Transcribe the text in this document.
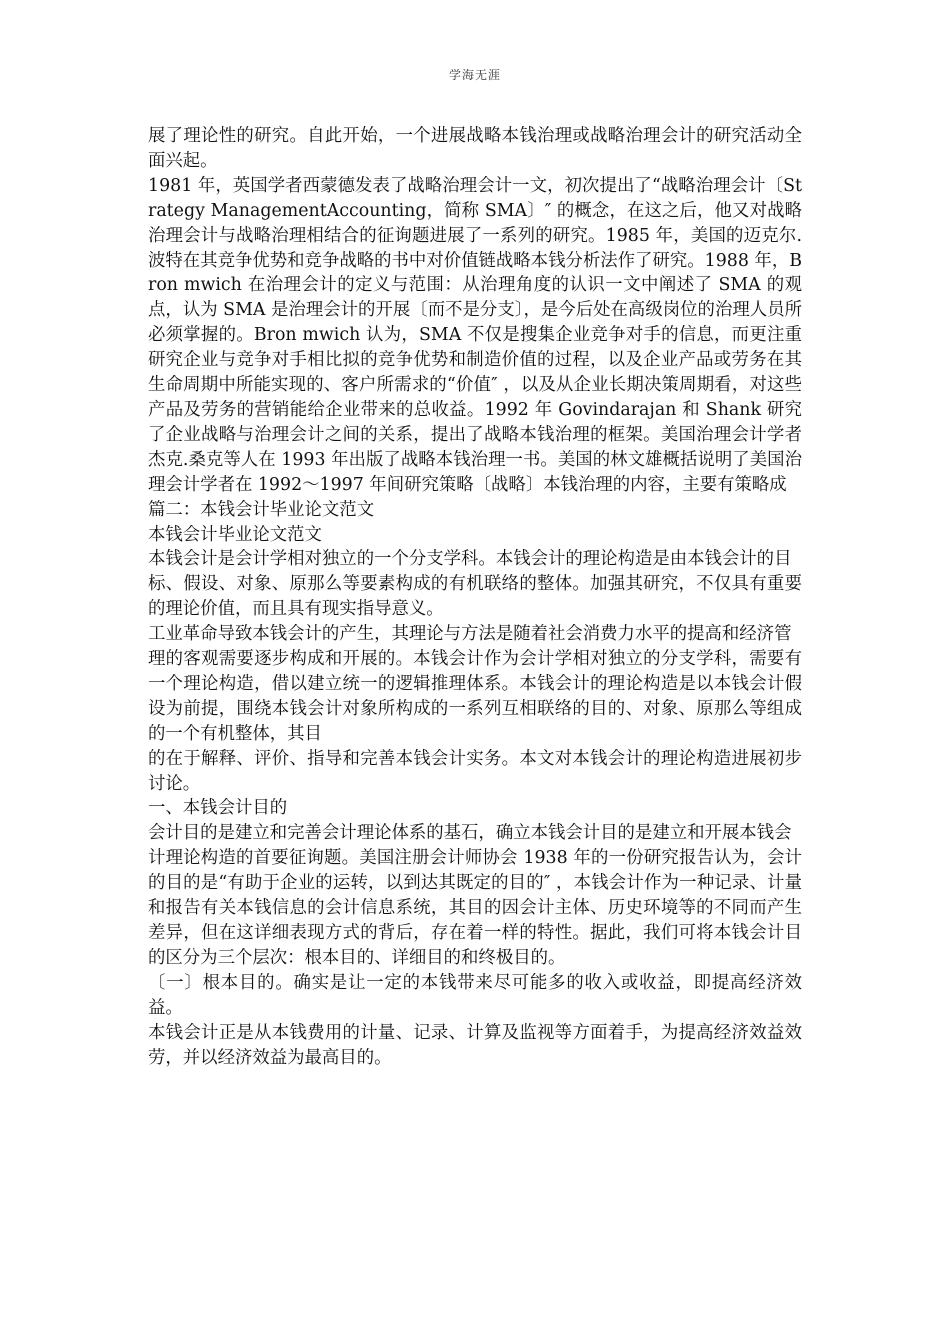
学海无涯

展了理论性的研究。自此开始，一个进展战略本钱治理或战略治理会计的研究活动全面兴起。

1981 年，英国学者西蒙德发表了战略治理会计一文，初次提出了“战略治理会计〔Strategy ManagementAccounting，简称 SMA〕″ 的概念，在这之后，他又对战略治理会计与战略治理相结合的征询题进展了一系列的研究。1985 年，美国的迈克尔.波特在其竞争优势和竞争战略的书中对价值链战略本钱分析法作了研究。1988 年，Bron mwich 在治理会计的定义与范围：从治理角度的认识一文中阐述了 SMA 的观点，认为 SMA 是治理会计的开展〔而不是分支〕，是今后处在高级岗位的治理人员所必须掌握的。Bron mwich 认为，SMA 不仅是搜集企业竞争对手的信息，而更注重研究企业与竞争对手相比拟的竞争优势和制造价值的过程，以及企业产品或劳务在其生命周期中所能实现的、客户所需求的“价值″ ，以及从企业长期决策周期看，对这些产品及劳务的营销能给企业带来的总收益。1992 年 Govindarajan 和 Shank 研究了企业战略与治理会计之间的关系，提出了战略本钱治理的框架。美国治理会计学者杰克.桑克等人在 1993 年出版了战略本钱治理一书。美国的林文雄概括说明了美国治理会计学者在 1992～1997 年间研究策略〔战略〕本钱治理的内容，主要有策略成

篇二：本钱会计毕业论文范文

本钱会计毕业论文范文

本钱会计是会计学相对独立的一个分支学科。本钱会计的理论构造是由本钱会计的目

标、假设、对象、原那么等要素构成的有机联络的整体。加强其研究，不仅具有重要的理论价值，而且具有现实指导意义。

工业革命导致本钱会计的产生，其理论与方法是随着社会消费力水平的提高和经济管

理的客观需要逐步构成和开展的。本钱会计作为会计学相对独立的分支学科，需要有一个理论构造，借以建立统一的逻辑推理体系。本钱会计的理论构造是以本钱会计假设为前提，围绕本钱会计对象所构成的一系列互相联络的目的、对象、原那么等组成的一个有机整体，其目

的在于解释、评价、指导和完善本钱会计实务。本文对本钱会计的理论构造进展初步讨论。

一、本钱会计目的

会计目的是建立和完善会计理论体系的基石，确立本钱会计目的是建立和开展本钱会

计理论构造的首要征询题。美国注册会计师协会 1938 年的一份研究报告认为，会计的目的是“有助于企业的运转，以到达其既定的目的″ ，本钱会计作为一种记录、计量和报告有关本钱信息的会计信息系统，其目的因会计主体、历史环境等的不同而产生差异，但在这详细表现方式的背后，存在着一样的特性。据此，我们可将本钱会计目的区分为三个层次：根本目的、详细目的和终极目的。

〔一〕根本目的。确实是让一定的本钱带来尽可能多的收入或收益，即提高经济效益。

本钱会计正是从本钱费用的计量、记录、计算及监视等方面着手，为提高经济效益效劳，并以经济效益为最高目的。
